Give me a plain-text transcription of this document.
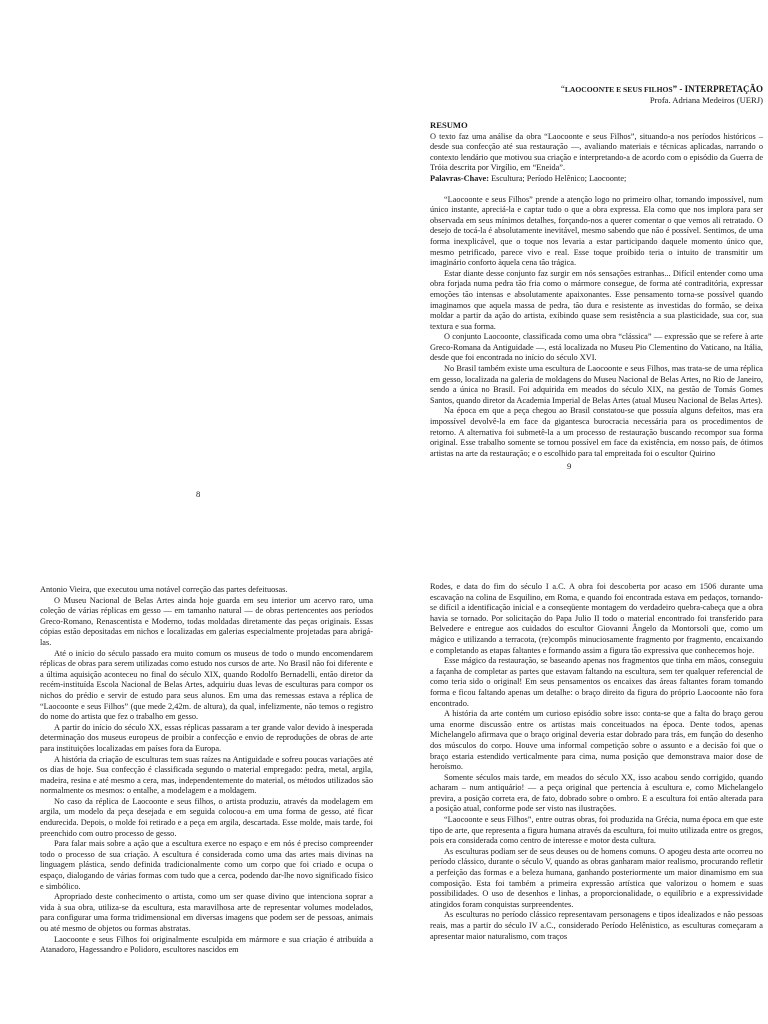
“LAOCOONTE E SEUS FILHOS” - INTERPRETAÇÃO
Profa. Adriana Medeiros (UERJ)
RESUMO

O texto faz uma análise da obra “Laocoonte e seus Filhos”, situando-a nos períodos históricos – desde sua confecção até sua restauração —, avaliando materiais e técnicas aplicadas, narrando o contexto lendário que motivou sua criação e interpretando-a de acordo com o episódio da Guerra de Tróia descrita por Virgílio, em “Eneida”.

Palavras-Chave: Escultura; Período Helênico; Laocoonte;

“Laocoonte e seus Filhos” prende a atenção logo no primeiro olhar, tornando impossível, num único instante, apreciá-la e captar tudo o que a obra expressa. Ela como que nos implora para ser observada em seus mínimos detalhes, forçando-nos a querer comentar o que vemos ali retratado. O desejo de tocá-la é absolutamente inevitável, mesmo sabendo que não é possível. Sentimos, de uma forma inexplicável, que o toque nos levaria a estar participando daquele momento único que, mesmo petrificado, parece vivo e real. Esse toque proibido teria o intuito de transmitir um imaginário conforto àquela cena tão trágica.

Estar diante desse conjunto faz surgir em nós sensações estranhas... Difícil entender como uma obra forjada numa pedra tão fria como o mármore consegue, de forma até contraditória, expressar emoções tão intensas e absolutamente apaixonantes. Esse pensamento torna-se possível quando imaginamos que aquela massa de pedra, tão dura e resistente as investidas do formão, se deixa moldar a partir da ação do artista, exibindo quase sem resistência a sua plasticidade, sua cor, sua textura e sua forma.

O conjunto Laocoonte, classificada como uma obra “clássica” — expressão que se refere à arte Greco-Romana da Antiguidade —, está localizada no Museu Pio Clementino do Vaticano, na Itália, desde que foi encontrada no início do século XVI.

No Brasil também existe uma escultura de Laocoonte e seus Filhos, mas trata-se de uma réplica em gesso, localizada na galeria de moldagens do Museu Nacional de Belas Artes, no Rio de Janeiro, sendo a única no Brasil. Foi adquirida em meados do século XIX, na gestão de Tomás Gomes Santos, quando diretor da Academia Imperial de Belas Artes (atual Museu Nacional de Belas Artes).

Na época em que a peça chegou ao Brasil constatou-se que possuía alguns defeitos, mas era impossível devolvê-la em face da gigantesca burocracia necessária para os procedimentos de retorno. A alternativa foi submetê-la a um processo de restauração buscando recompor sua forma original. Esse trabalho somente se tornou possível em face da existência, em nosso país, de ótimos artistas na arte da restauração; e o escolhido para tal empreitada foi o escultor Quirino

8
9

Antonio Vieira, que executou uma notável correção das partes defeituosas.

O Museu Nacional de Belas Artes ainda hoje guarda em seu interior um acervo raro, uma coleção de várias réplicas em gesso — em tamanho natural — de obras pertencentes aos períodos Greco-Romano, Renascentista e Moderno, todas moldadas diretamente das peças originais. Essas cópias estão depositadas em nichos e localizadas em galerias especialmente projetadas para abrigá-las.

Até o início do século passado era muito comum os museus de todo o mundo encomendarem réplicas de obras para serem utilizadas como estudo nos cursos de arte. No Brasil não foi diferente e a última aquisição aconteceu no final do século XIX, quando Rodolfo Bernadelli, então diretor da recém-instituída Escola Nacional de Belas Artes, adquiriu duas levas de esculturas para compor os nichos do prédio e servir de estudo para seus alunos. Em uma das remessas estava a réplica de “Laocoonte e seus Filhos” (que mede 2,42m. de altura), da qual, infelizmente, não temos o registro do nome do artista que fez o trabalho em gesso.

A partir do início do século XX, essas réplicas passaram a ter grande valor devido à inesperada determinação dos museus europeus de proibir a confecção e envio de reproduções de obras de arte para instituições localizadas em países fora da Europa.

A história da criação de esculturas tem suas raízes na Antiguidade e sofreu poucas variações até os dias de hoje. Sua confecção é classificada segundo o material empregado: pedra, metal, argila, madeira, resina e até mesmo a cera, mas, independentemente do material, os métodos utilizados são normalmente os mesmos: o entalhe, a modelagem e a moldagem.

No caso da réplica de Laocoonte e seus filhos, o artista produziu, através da modelagem em argila, um modelo da peça desejada e em seguida colocou-a em uma forma de gesso, até ficar endurecida. Depois, o molde foi retirado e a peça em argila, descartada. Esse molde, mais tarde, foi preenchido com outro processo de gesso.

Para falar mais sobre a ação que a escultura exerce no espaço e em nós é preciso compreender todo o processo de sua criação. A escultura é considerada como uma das artes mais divinas na linguagem plástica, sendo definida tradicionalmente como um corpo que foi criado e ocupa o espaço, dialogando de várias formas com tudo que a cerca, podendo dar-lhe novo significado físico e simbólico.

Apropriado deste conhecimento o artista, como um ser quase divino que intenciona soprar a vida à sua obra, utiliza-se da escultura, esta maravilhosa arte de representar volumes modelados, para configurar uma forma tridimensional em diversas imagens que podem ser de pessoas, animais ou até mesmo de objetos ou formas abstratas.

Laocoonte e seus Filhos foi originalmente esculpida em mármore e sua criação é atribuída a Atanadoro, Hagessandro e Polidoro, escultores nascidos em

Rodes, e data do fim do século I a.C. A obra foi descoberta por acaso em 1506 durante uma escavação na colina de Esquilino, em Roma, e quando foi encontrada estava em pedaços, tornando-se difícil a identificação inicial e a conseqüente montagem do verdadeiro quebra-cabeça que a obra havia se tornado. Por solicitação do Papa Julio II todo o material encontrado foi transferido para Belvedere e entregue aos cuidados do escultor Giovanni Ângelo da Montorsoli que, como um mágico e utilizando a terracota, (re)compôs minuciosamente fragmento por fragmento, encaixando e completando as etapas faltantes e formando assim a figura tão expressiva que conhecemos hoje.

Esse mágico da restauração, se baseando apenas nos fragmentos que tinha em mãos, conseguiu a façanha de completar as partes que estavam faltando na escultura, sem ter qualquer referencial de como teria sido o original! Em seus pensamentos os encaixes das áreas faltantes foram tomando forma e ficou faltando apenas um detalhe: o braço direito da figura do próprio Laocoonte não fora encontrado.

A história da arte contém um curioso episódio sobre isso: conta-se que a falta do braço gerou uma enorme discussão entre os artistas mais conceituados na época. Dente todos, apenas Michelangelo afirmava que o braço original deveria estar dobrado para trás, em função do desenho dos músculos do corpo. Houve uma informal competição sobre o assunto e a decisão foi que o braço estaria estendido verticalmente para cima, numa posição que demonstrava maior dose de heroísmo.

Somente séculos mais tarde, em meados do século XX, isso acabou sendo corrigido, quando acharam – num antiquário! — a peça original que pertencia à escultura e, como Michelangelo previra, a posição correta era, de fato, dobrado sobre o ombro. E a escultura foi então alterada para a posição atual, conforme pode ser visto nas ilustrações.

“Laocoonte e seus Filhos”, entre outras obras, foi produzida na Grécia, numa época em que este tipo de arte, que representa a figura humana através da escultura, foi muito utilizada entre os gregos, pois era considerada como centro de interesse e motor desta cultura.

As esculturas podiam ser de seus deuses ou de homens comuns. O apogeu desta arte ocorreu no período clássico, durante o século V, quando as obras ganharam maior realismo, procurando refletir a perfeição das formas e a beleza humana, ganhando posteriormente um maior dinamismo em sua composição. Esta foi também a primeira expressão artística que valorizou o homem e suas possibilidades. O uso de desenhos e linhas, a proporcionalidade, o equilíbrio e a expressividade atingidos foram conquistas surpreendentes.

As esculturas no período clássico representavam personagens e tipos idealizados e não pessoas reais, mas a partir do século IV a.C., considerado Período Helênistico, as esculturas começaram a apresentar maior naturalismo, com traços
